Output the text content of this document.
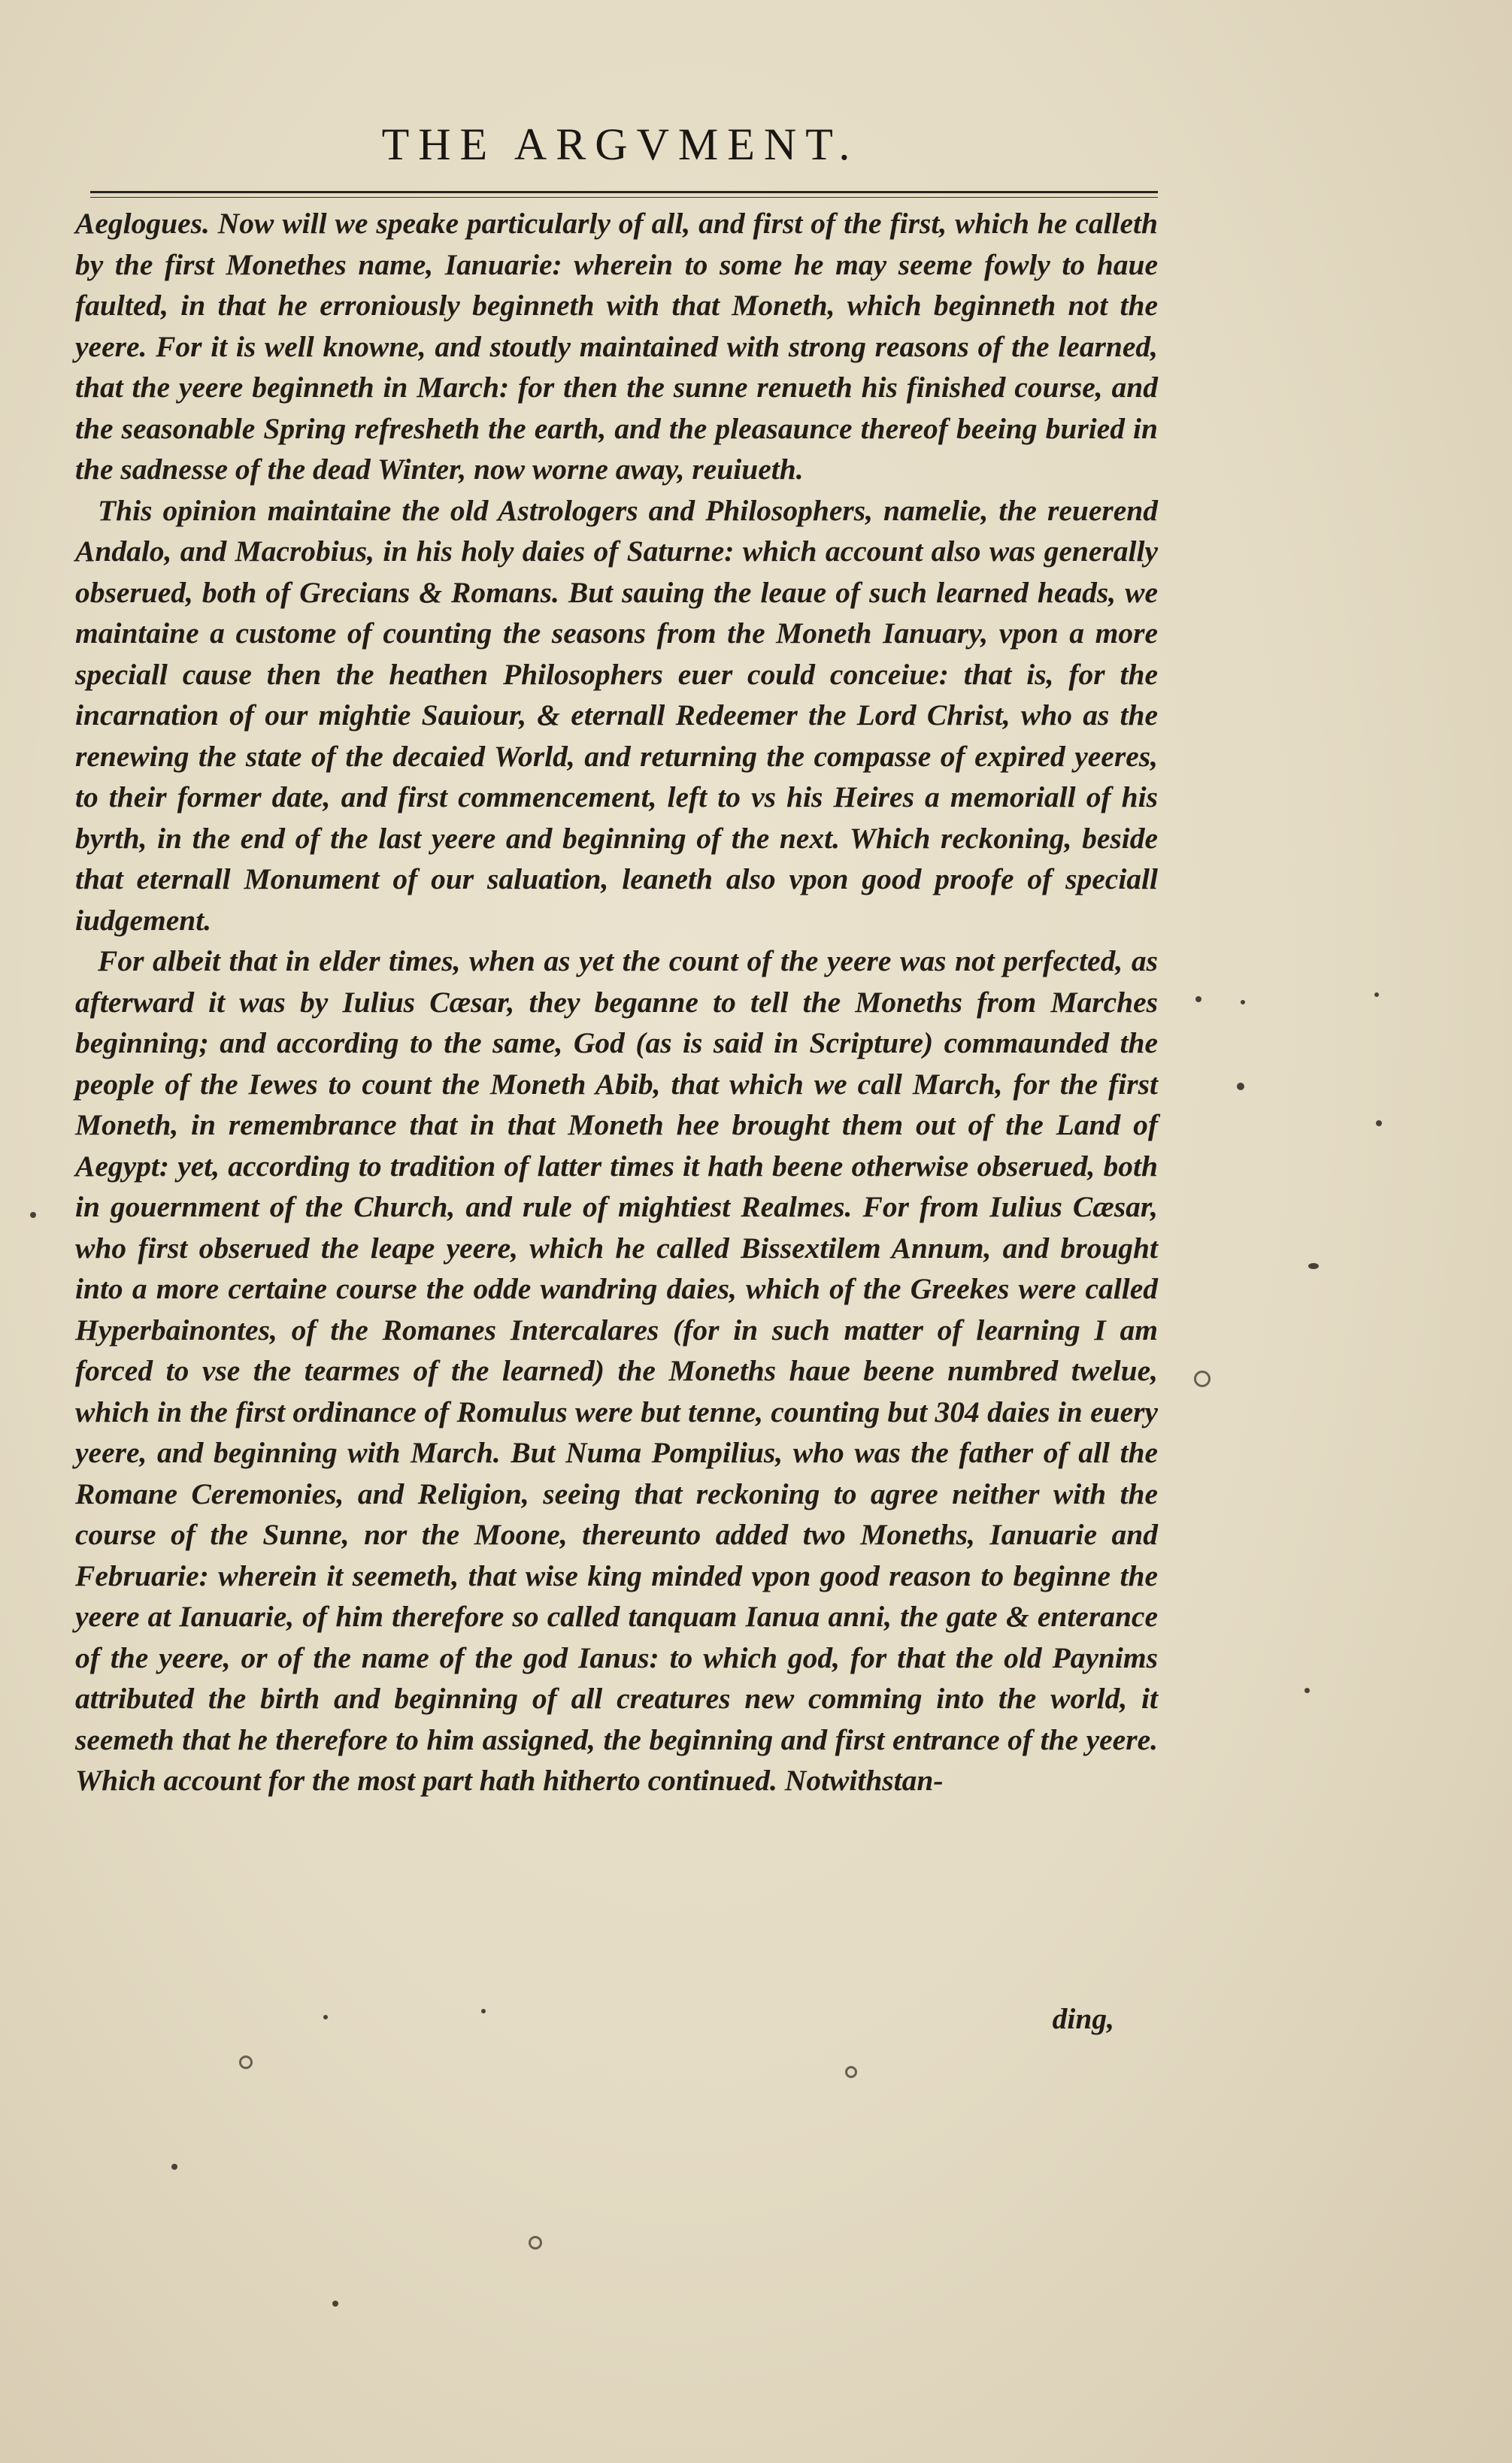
THE ARGVMENT.

Aeglogues. Now will we speake particularly of all, and first of the first, which he calleth by the first Monethes name, Ianuarie: wherein to some he may seeme fowly to haue faulted, in that he erroniously beginneth with that Moneth, which beginneth not the yeere. For it is well knowne, and stoutly maintained with strong reasons of the learned, that the yeere beginneth in March: for then the sunne renueth his finished course, and the seasonable Spring refresheth the earth, and the pleasaunce thereof beeing buried in the sadnesse of the dead Winter, now worne away, reuiueth.

This opinion maintaine the old Astrologers and Philosophers, namelie, the reuerend Andalo, and Macrobius, in his holy daies of Saturne: which account also was generally obserued, both of Grecians & Romans. But sauing the leaue of such learned heads, we maintaine a custome of counting the seasons from the Moneth Ianuary, vpon a more speciall cause then the heathen Philosophers euer could conceiue: that is, for the incarnation of our mightie Sauiour, & eternall Redeemer the Lord Christ, who as the renewing the state of the decaied World, and returning the compasse of expired yeeres, to their former date, and first commencement, left to vs his Heires a memoriall of his byrth, in the end of the last yeere and beginning of the next. Which reckoning, beside that eternall Monument of our saluation, leaneth also vpon good proofe of speciall iudgement.

For albeit that in elder times, when as yet the count of the yeere was not perfected, as afterward it was by Iulius Cæsar, they beganne to tell the Moneths from Marches beginning; and according to the same, God (as is said in Scripture) commaunded the people of the Iewes to count the Moneth Abib, that which we call March, for the first Moneth, in remembrance that in that Moneth hee brought them out of the Land of Aegypt: yet, according to tradition of latter times it hath beene otherwise obserued, both in gouernment of the Church, and rule of mightiest Realmes. For from Iulius Cæsar, who first obserued the leape yeere, which he called Bissextilem Annum, and brought into a more certaine course the odde wandring daies, which of the Greekes were called Hyperbainontes, of the Romanes Intercalares (for in such matter of learning I am forced to vse the tearmes of the learned) the Moneths haue beene numbred twelue, which in the first ordinance of Romulus were but tenne, counting but 304 daies in euery yeere, and beginning with March. But Numa Pompilius, who was the father of all the Romane Ceremonies, and Religion, seeing that reckoning to agree neither with the course of the Sunne, nor the Moone, thereunto added two Moneths, Ianuarie and Februarie: wherein it seemeth, that wise king minded vpon good reason to beginne the yeere at Ianuarie, of him therefore so called tanquam Ianua anni, the gate & enterance of the yeere, or of the name of the god Ianus: to which god, for that the old Paynims attributed the birth and beginning of all creatures new comming into the world, it seemeth that he therefore to him assigned, the beginning and first entrance of the yeere. Which account for the most part hath hitherto continued. Notwithstan-

ding,
